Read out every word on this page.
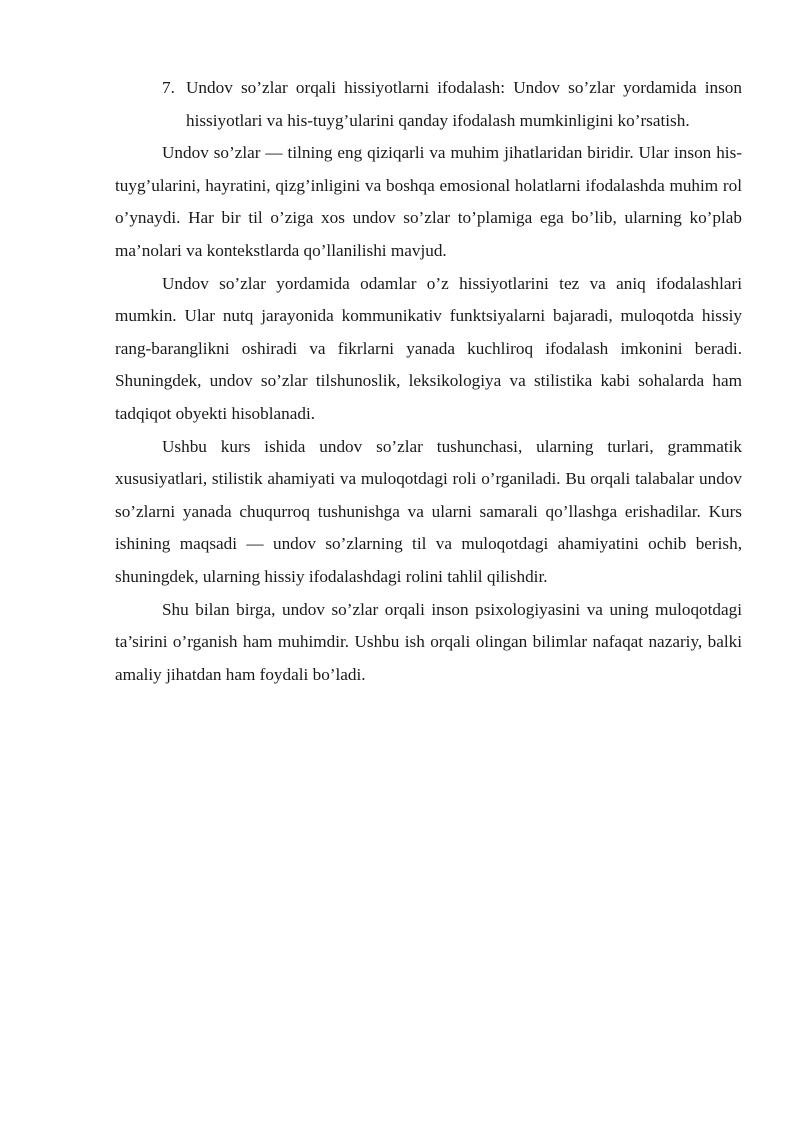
7. Undov so’zlar orqali hissiyotlarni ifodalash: Undov so’zlar yordamida inson hissiyotlari va his-tuyg’ularini qanday ifodalash mumkinligini ko’rsatish.

Undov so’zlar — tilning eng qiziqarli va muhim jihatlaridan biridir. Ular inson his-tuyg’ularini, hayratini, qizg’inligini va boshqa emosional holatlarni ifodalashda muhim rol o’ynaydi. Har bir til o’ziga xos undov so’zlar to’plamiga ega bo’lib, ularning ko’plab ma’nolari va kontekstlarda qo’llanilishi mavjud.

Undov so’zlar yordamida odamlar o’z hissiyotlarini tez va aniq ifodalashlari mumkin. Ular nutq jarayonida kommunikativ funktsiyalarni bajaradi, muloqotda hissiy rang-baranglikni oshiradi va fikrlarni yanada kuchliroq ifodalash imkonini beradi. Shuningdek, undov so’zlar tilshunoslik, leksikologiya va stilistika kabi sohalarda ham tadqiqot obyekti hisoblanadi.

Ushbu kurs ishida undov so’zlar tushunchasi, ularning turlari, grammatik xususiyatlari, stilistik ahamiyati va muloqotdagi roli o’rganiladi. Bu orqali talabalar undov so’zlarni yanada chuqurroq tushunishga va ularni samarali qo’llashga erishadilar. Kurs ishining maqsadi — undov so’zlarning til va muloqotdagi ahamiyatini ochib berish, shuningdek, ularning hissiy ifodalashdagi rolini tahlil qilishdir.

Shu bilan birga, undov so’zlar orqali inson psixologiyasini va uning muloqotdagi ta’sirini o’rganish ham muhimdir. Ushbu ish orqali olingan bilimlar nafaqat nazariy, balki amaliy jihatdan ham foydali bo’ladi.
